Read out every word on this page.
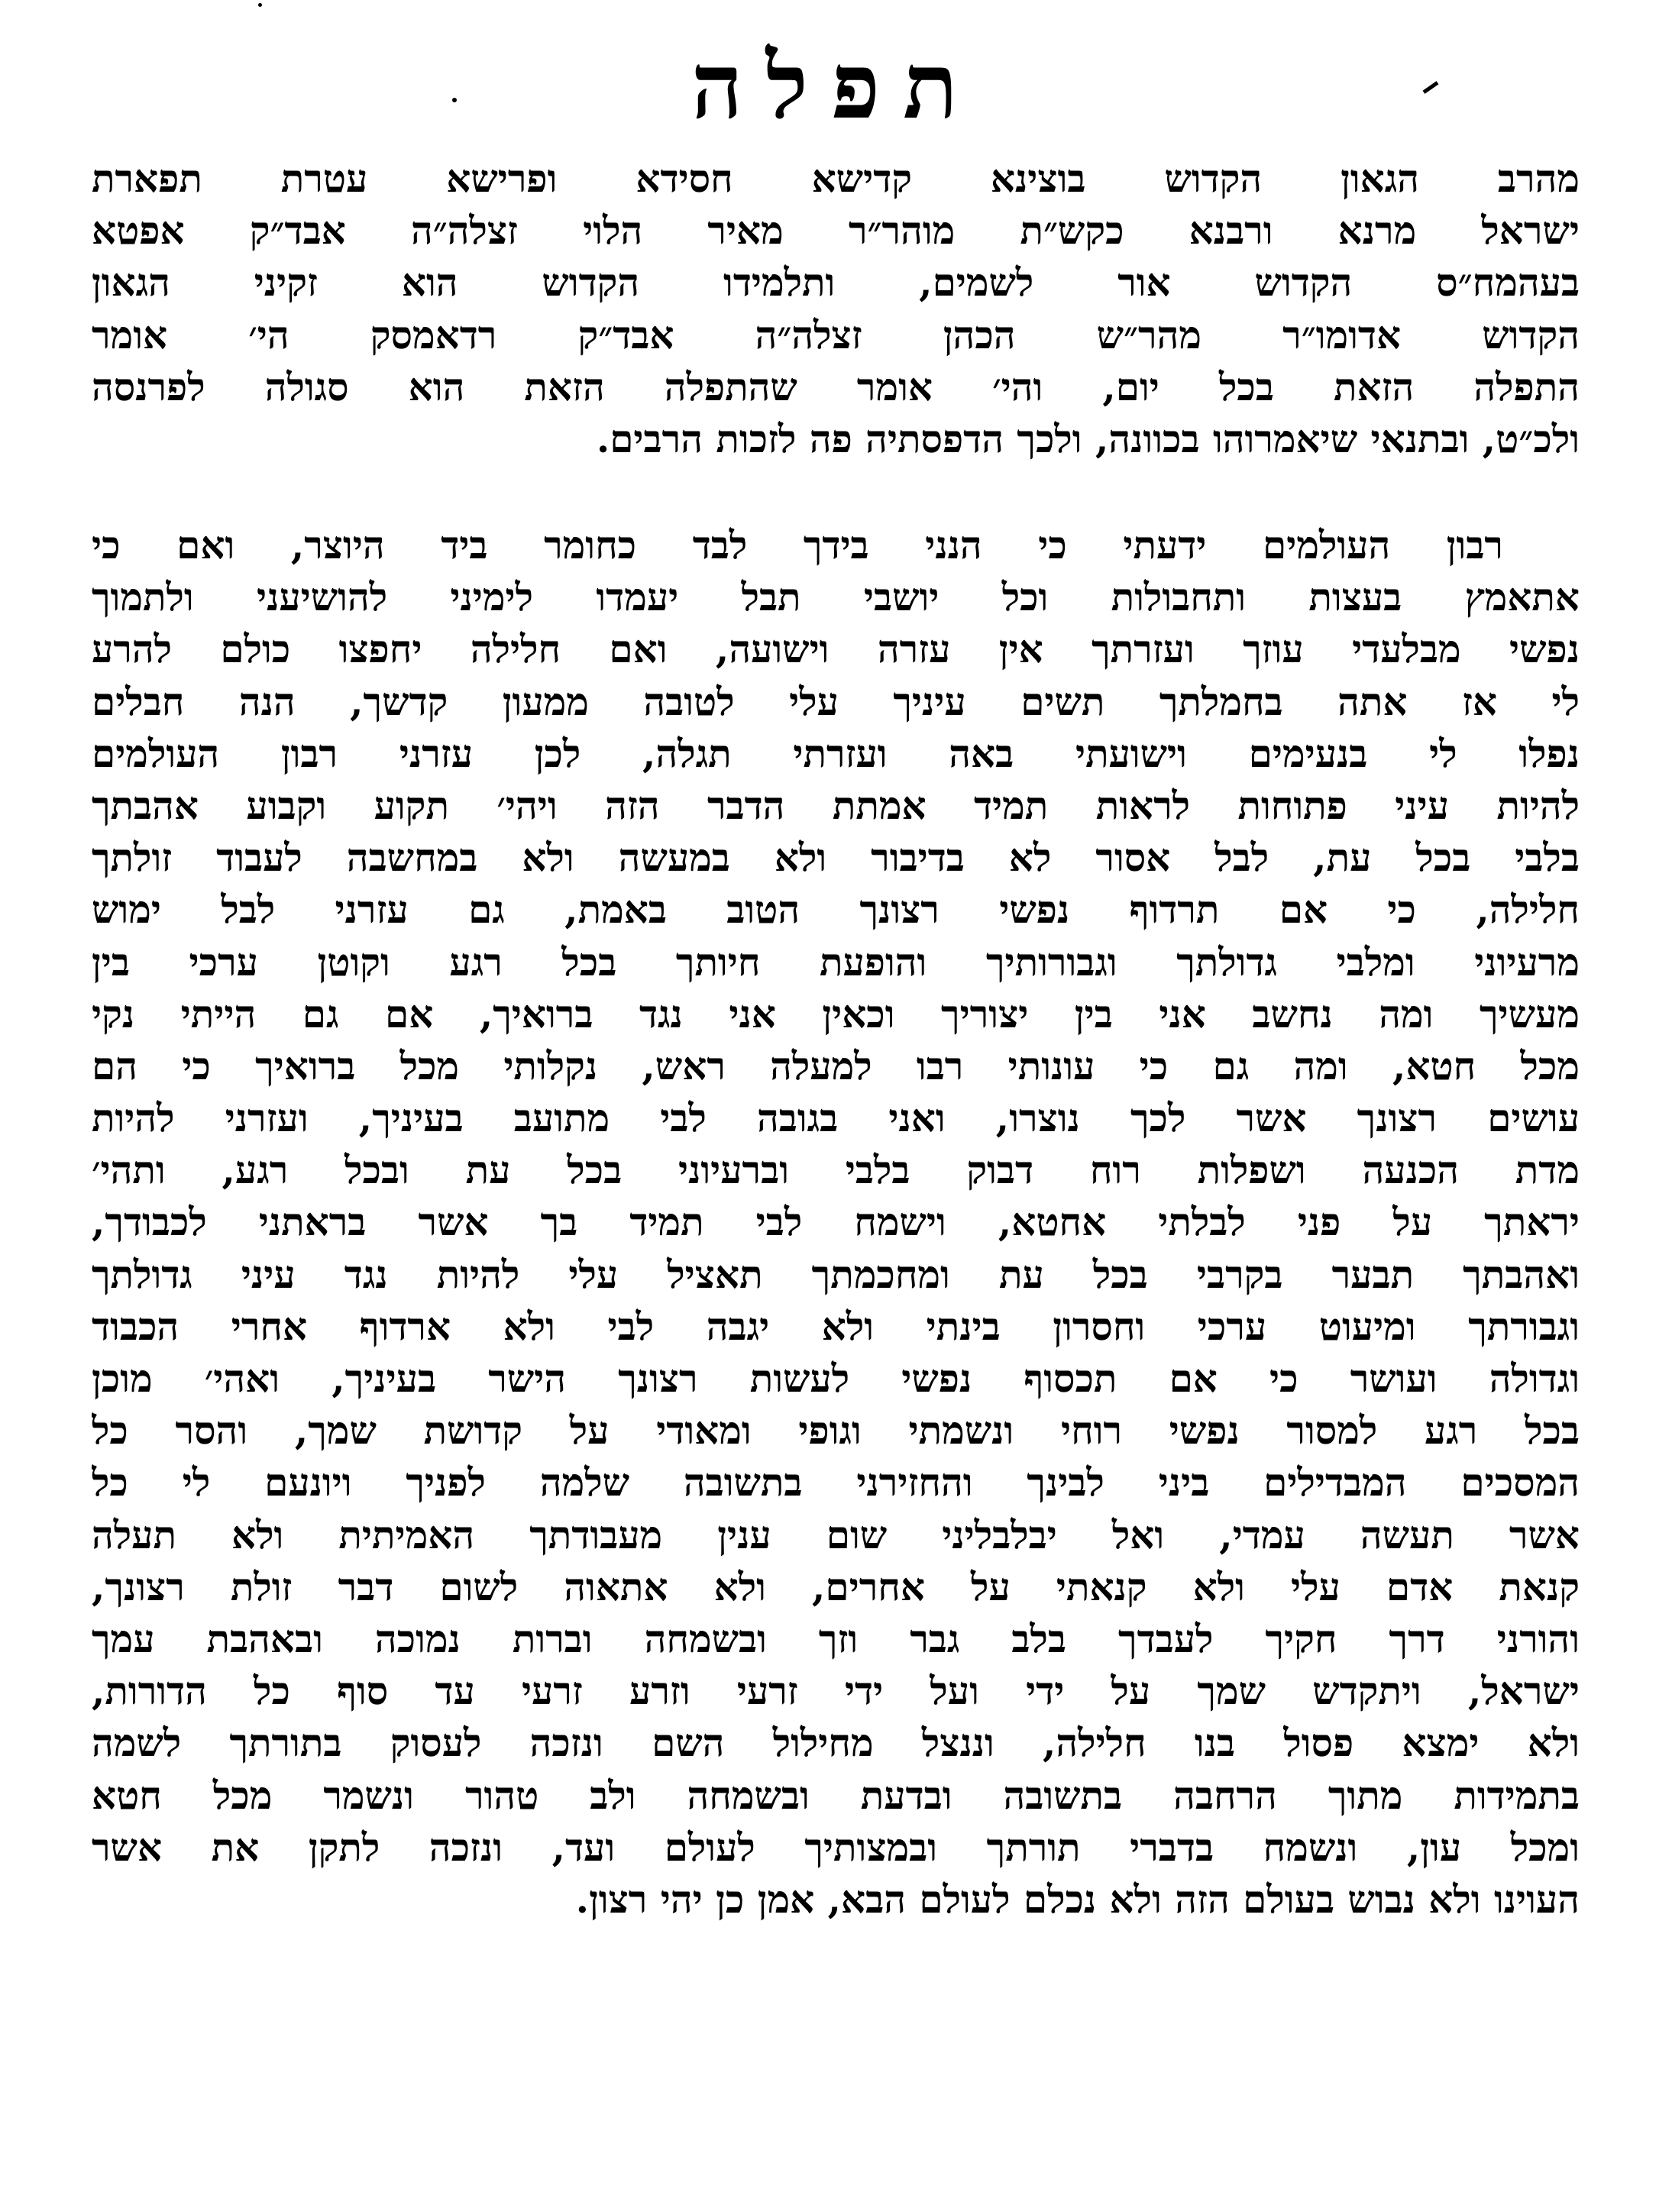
תפלה
מהרב הגאון הקדוש בוצינא קדישא חסידא ופרישא עטרת תפארת
ישראל מרנא ורבנא כקש״ת מוהר״ר מאיר הלוי זצלה״ה אבד״ק אפטא
בעהמח״ס הקדוש אור לשמים, ותלמידו הקדוש הוא זקיני הגאון
הקדוש אדומו״ר מהר״ש הכהן זצלה״ה אבד״ק רדאמסק הי׳ אומר
התפלה הזאת בכל יום, והי׳ אומר שהתפלה הזאת הוא סגולה לפרנסה
ולכ״ט, ובתנאי שיאמרוהו בכוונה, ולכך הדפסתיה פה לזכות הרבים.
רבון העולמים ידעתי כי הנני בידך לבד כחומר ביד היוצר, ואם כי
אתאמץ בעצות ותחבולות וכל יושבי תבל יעמדו לימיני להושיעני ולתמוך
נפשי מבלעדי עוזך ועזרתך אין עזרה וישועה, ואם חלילה יחפצו כולם להרע
לי אז אתה בחמלתך תשים עיניך עלי לטובה ממעון קדשך, הנה חבלים
נפלו לי בנעימים וישועתי באה ועזרתי תגלה, לכן עזרני רבון העולמים
להיות עיני פתוחות לראות תמיד אמתת הדבר הזה ויהי׳ תקוע וקבוע אהבתך
בלבי בכל עת, לבל אסור לא בדיבור ולא במעשה ולא במחשבה לעבוד זולתך
חלילה, כי אם תרדוף נפשי רצונך הטוב באמת, גם עזרני לבל ימוש
מרעיוני ומלבי גדולתך וגבורותיך והופעת חיותך בכל רגע וקוטן ערכי בין
מעשיך ומה נחשב אני בין יצוריך וכאין אני נגד ברואיך, אם גם הייתי נקי
מכל חטא, ומה גם כי עונותי רבו למעלה ראש, נקלותי מכל ברואיך כי הם
עושים רצונך אשר לכך נוצרו, ואני בגובה לבי מתועב בעיניך, ועזרני להיות
מדת הכנעה ושפלות רוח דבוק בלבי וברעיוני בכל עת ובכל רגע, ותהי׳
יראתך על פני לבלתי אחטא, וישמח לבי תמיד בך אשר בראתני לכבודך,
ואהבתך תבער בקרבי בכל עת ומחכמתך תאציל עלי להיות נגד עיני גדולתך
וגבורתך ומיעוט ערכי וחסרון בינתי ולא יגבה לבי ולא ארדוף אחרי הכבוד
וגדולה ועושר כי אם תכסוף נפשי לעשות רצונך הישר בעיניך, ואהי׳ מוכן
בכל רגע למסור נפשי רוחי ונשמתי וגופי ומאודי על קדושת שמך, והסר כל
המסכים המבדילים ביני לבינך והחזירני בתשובה שלמה לפניך ויונעם לי כל
אשר תעשה עמדי, ואל יבלבליני שום ענין מעבודתך האמיתית ולא תעלה
קנאת אדם עלי ולא קנאתי על אחרים, ולא אתאוה לשום דבר זולת רצונך,
והורני דרך חקיך לעבדך בלב גבר וזך ובשמחה וברות נמוכה ובאהבת עמך
ישראל, ויתקדש שמך על ידי ועל ידי זרעי וזרע זרעי עד סוף כל הדורות,
ולא ימצא פסול בנו חלילה, וננצל מחילול השם ונזכה לעסוק בתורתך לשמה
בתמידות מתוך הרחבה בתשובה ובדעת ובשמחה ולב טהור ונשמר מכל חטא
ומכל עון, ונשמח בדברי תורתך ובמצותיך לעולם ועד, ונזכה לתקן את אשר
העוינו ולא נבוש בעולם הזה ולא נכלם לעולם הבא, אמן כן יהי רצון.
